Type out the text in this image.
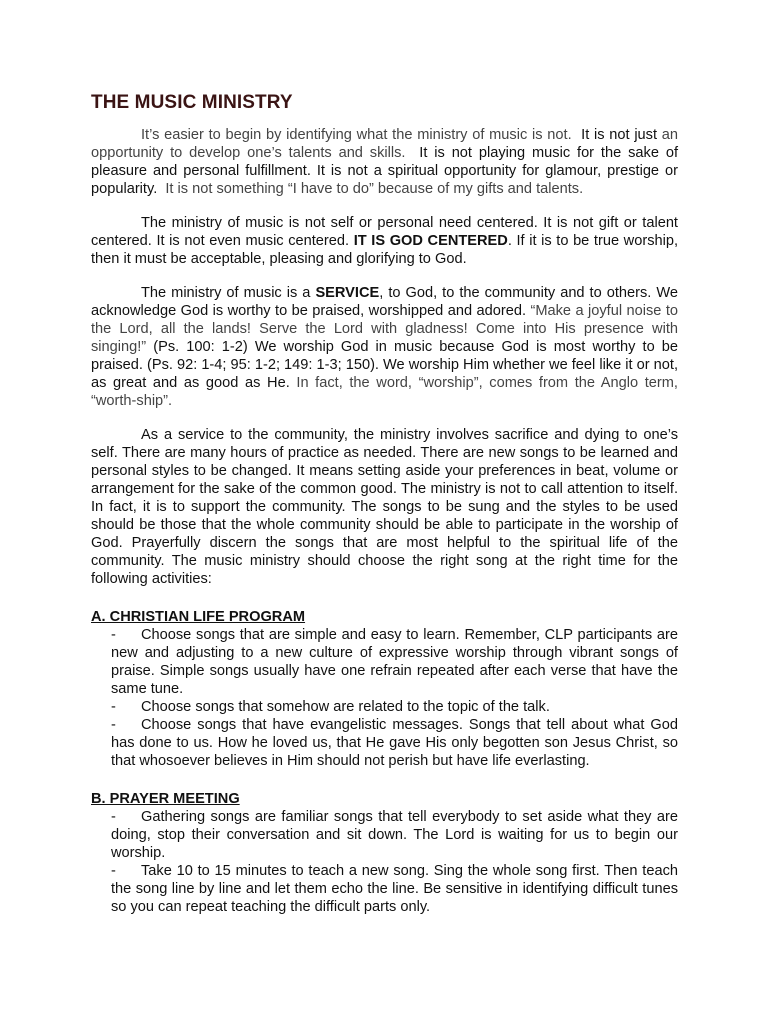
THE MUSIC MINISTRY

It’s easier to begin by identifying what the ministry of music is not. It is not just an opportunity to develop one’s talents and skills. It is not playing music for the sake of pleasure and personal fulfillment. It is not a spiritual opportunity for glamour, prestige or popularity. It is not something “I have to do” because of my gifts and talents.

The ministry of music is not self or personal need centered. It is not gift or talent centered. It is not even music centered. IT IS GOD CENTERED. If it is to be true worship, then it must be acceptable, pleasing and glorifying to God.

The ministry of music is a SERVICE, to God, to the community and to others. We acknowledge God is worthy to be praised, worshipped and adored. “Make a joyful noise to the Lord, all the lands! Serve the Lord with gladness! Come into His presence with singing!” (Ps. 100: 1-2) We worship God in music because God is most worthy to be praised. (Ps. 92: 1-4; 95: 1-2; 149: 1-3; 150). We worship Him whether we feel like it or not, as great and as good as He. In fact, the word, “worship”, comes from the Anglo term, “worth-ship”.

As a service to the community, the ministry involves sacrifice and dying to one’s self. There are many hours of practice as needed. There are new songs to be learned and personal styles to be changed. It means setting aside your preferences in beat, volume or arrangement for the sake of the common good. The ministry is not to call attention to itself. In fact, it is to support the community. The songs to be sung and the styles to be used should be those that the whole community should be able to participate in the worship of God. Prayerfully discern the songs that are most helpful to the spiritual life of the community. The music ministry should choose the right song at the right time for the following activities:

A. CHRISTIAN LIFE PROGRAM
- Choose songs that are simple and easy to learn. Remember, CLP participants are new and adjusting to a new culture of expressive worship through vibrant songs of praise. Simple songs usually have one refrain repeated after each verse that have the same tune.
- Choose songs that somehow are related to the topic of the talk.
- Choose songs that have evangelistic messages. Songs that tell about what God has done to us. How he loved us, that He gave His only begotten son Jesus Christ, so that whosoever believes in Him should not perish but have life everlasting.
B. PRAYER MEETING
- Gathering songs are familiar songs that tell everybody to set aside what they are doing, stop their conversation and sit down. The Lord is waiting for us to begin our worship.
- Take 10 to 15 minutes to teach a new song. Sing the whole song first. Then teach the song line by line and let them echo the line. Be sensitive in identifying difficult tunes so you can repeat teaching the difficult parts only.
